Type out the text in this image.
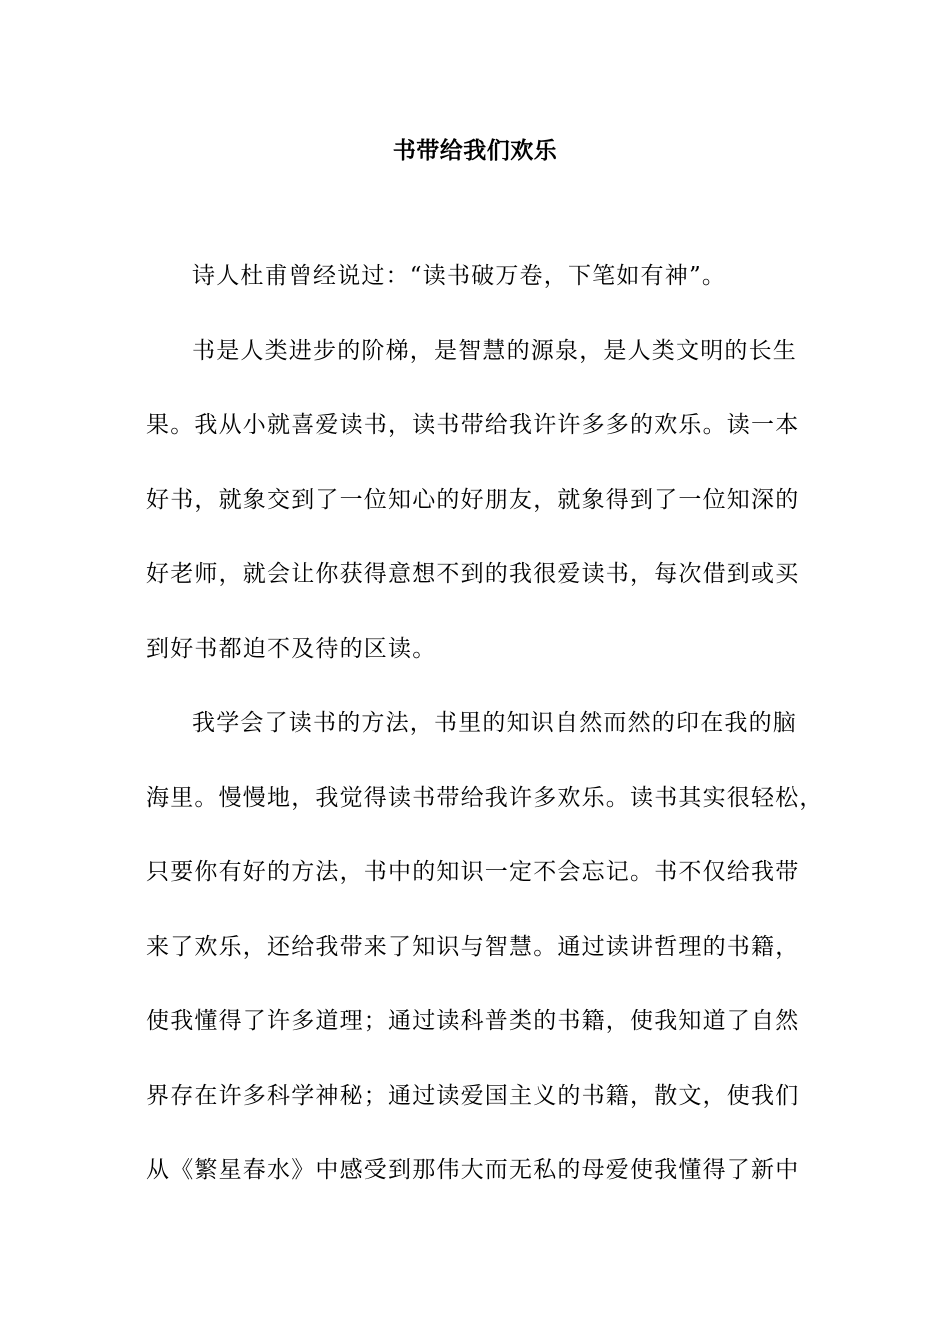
书带给我们欢乐
诗人杜甫曾经说过：“读书破万卷，下笔如有神”。
书是人类进步的阶梯，是智慧的源泉，是人类文明的长生
果。我从小就喜爱读书，读书带给我许许多多的欢乐。读一本
好书，就象交到了一位知心的好朋友，就象得到了一位知深的
好老师，就会让你获得意想不到的我很爱读书，每次借到或买
到好书都迫不及待的区读。
我学会了读书的方法，书里的知识自然而然的印在我的脑
海里。慢慢地，我觉得读书带给我许多欢乐。读书其实很轻松，
只要你有好的方法，书中的知识一定不会忘记。书不仅给我带
来了欢乐，还给我带来了知识与智慧。通过读讲哲理的书籍，
使我懂得了许多道理；通过读科普类的书籍，使我知道了自然
界存在许多科学神秘；通过读爱国主义的书籍，散文，使我们
从《繁星春水》中感受到那伟大而无私的母爱使我懂得了新中
